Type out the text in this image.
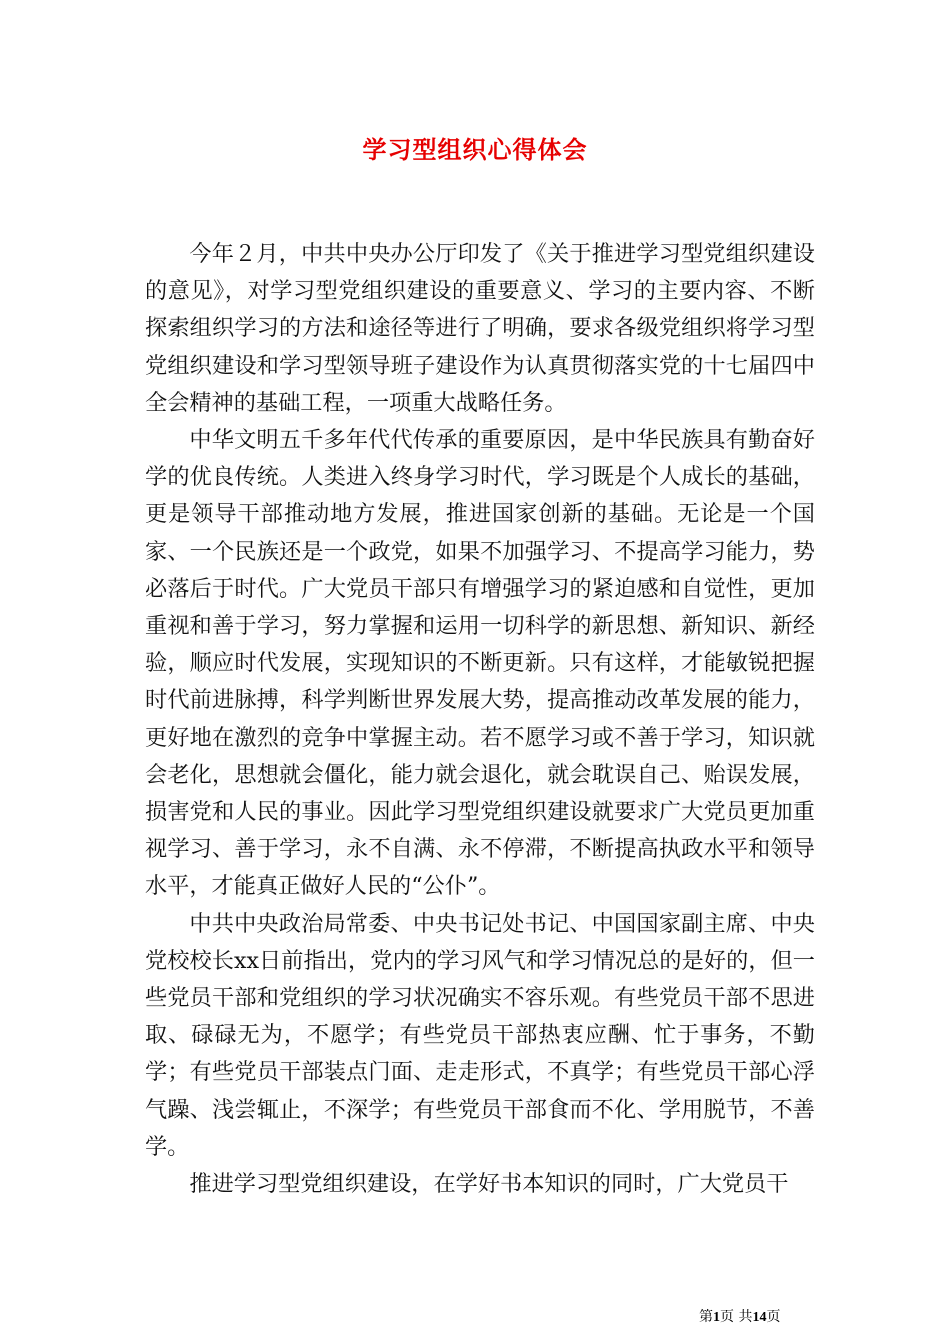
学习型组织心得体会

今年２月，中共中央办公厅印发了《关于推进学习型党组织建设的意见》，对学习型党组织建设的重要意义、学习的主要内容、不断探索组织学习的方法和途径等进行了明确，要求各级党组织将学习型党组织建设和学习型领导班子建设作为认真贯彻落实党的十七届四中全会精神的基础工程，一项重大战略任务。

中华文明五千多年代代传承的重要原因，是中华民族具有勤奋好学的优良传统。人类进入终身学习时代，学习既是个人成长的基础，更是领导干部推动地方发展，推进国家创新的基础。无论是一个国家、一个民族还是一个政党，如果不加强学习、不提高学习能力，势必落后于时代。广大党员干部只有增强学习的紧迫感和自觉性，更加重视和善于学习，努力掌握和运用一切科学的新思想、新知识、新经验，顺应时代发展，实现知识的不断更新。只有这样，才能敏锐把握时代前进脉搏，科学判断世界发展大势，提高推动改革发展的能力，更好地在激烈的竞争中掌握主动。若不愿学习或不善于学习，知识就会老化，思想就会僵化，能力就会退化，就会耽误自己、贻误发展，损害党和人民的事业。因此学习型党组织建设就要求广大党员更加重视学习、善于学习，永不自满、永不停滞，不断提高执政水平和领导水平，才能真正做好人民的“公仆”。

中共中央政治局常委、中央书记处书记、中国国家副主席、中央党校校长xx日前指出，党内的学习风气和学习情况总的是好的，但一些党员干部和党组织的学习状况确实不容乐观。有些党员干部不思进取、碌碌无为，不愿学；有些党员干部热衷应酬、忙于事务，不勤学；有些党员干部装点门面、走走形式，不真学；有些党员干部心浮气躁、浅尝辄止，不深学；有些党员干部食而不化、学用脱节，不善学。

推进学习型党组织建设，在学好书本知识的同时，广大党员干

第1页 共14页
